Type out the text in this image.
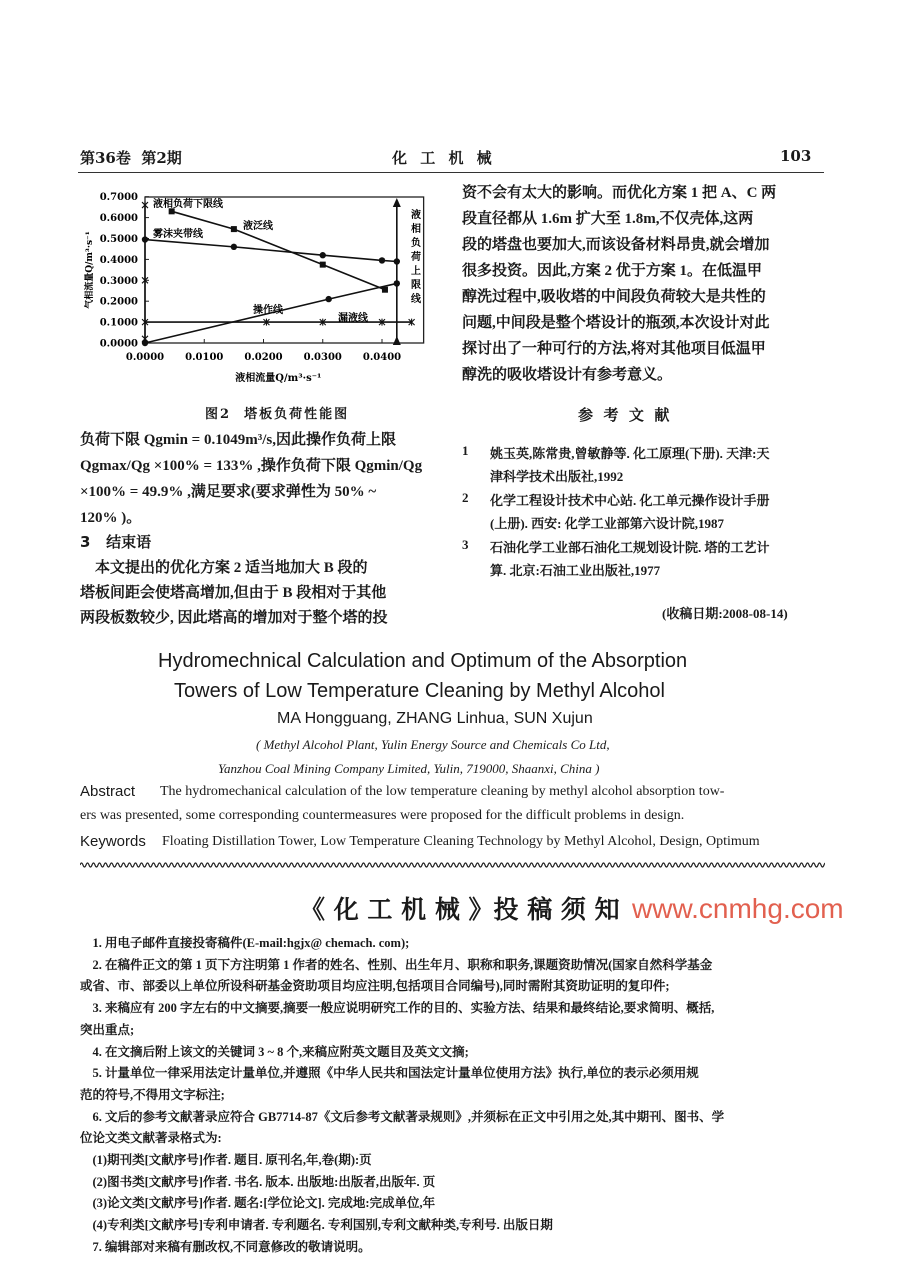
第36卷  第2期	化 工 机 械	103
0.0000
0.1000
0.2000
0.3000
0.4000
0.5000
0.6000
0.7000
0.0000 0.0100 0.0200 0.0300 0.0400
液相流量Q/m³·s⁻¹
气相流量Q/m³·s⁻¹
液相负荷下限线
液泛线
雾沫夹带线
操作线
漏液线
液
相
负
荷
上
限
线
图2  塔板负荷性能图
负荷下限 Qgmin = 0.1049m³/s,因此操作负荷上限
Qgmax/Qg ×100% = 133% ,操作负荷下限 Qgmin/Qg
×100% = 49.9% ,满足要求(要求弹性为 50% ~
120% )。
3   结束语
本文提出的优化方案 2 适当地加大 B 段的
塔板间距会使塔高增加,但由于 B 段相对于其他
两段板数较少, 因此塔高的增加对于整个塔的投
资不会有太大的影响。而优化方案 1 把 A、C 两
段直径都从 1.6m 扩大至 1.8m,不仅壳体,这两
段的塔盘也要加大,而该设备材料昂贵,就会增加
很多投资。因此,方案 2 优于方案 1。在低温甲
醇洗过程中,吸收塔的中间段负荷较大是共性的
问题,中间段是整个塔设计的瓶颈,本次设计对此
探讨出了一种可行的方法,将对其他项目低温甲
醇洗的吸收塔设计有参考意义。
参  考  文  献
1 姚玉英,陈常贵,曾敏静等. 化工原理(下册). 天津:天
津科学技术出版社,1992
2 化学工程设计技术中心站. 化工单元操作设计手册
(上册). 西安: 化学工业部第六设计院,1987
3 石油化学工业部石油化工规划设计院. 塔的工艺计
算. 北京:石油工业出版社,1977
(收稿日期:2008-08-14)
Hydromechnical Calculation and Optimum of the Absorption
Towers of Low Temperature Cleaning by Methyl Alcohol
MA Hongguang, ZHANG Linhua, SUN Xujun
( Methyl Alcohol Plant, Yulin Energy Source and Chemicals Co Ltd,
Yanzhou Coal Mining Company Limited, Yulin, 719000, Shaanxi, China )
Abstract The hydromechanical calculation of the low temperature cleaning by methyl alcohol absorption tow-
ers was presented, some corresponding countermeasures were proposed for the difficult problems in design.
Keywords Floating Distillation Tower, Low Temperature Cleaning Technology by Methyl Alcohol, Design, Optimum
《 化 工 机 械 》投 稿 须 知 www.cnmhg.com
1. 用电子邮件直接投寄稿件(E-mail:hgjx@ chemach. com);
2. 在稿件正文的第 1 页下方注明第 1 作者的姓名、性别、出生年月、职称和职务,课题资助情况(国家自然科学基金
或省、市、部委以上单位所设科研基金资助项目均应注明,包括项目合同编号),同时需附其资助证明的复印件;
3. 来稿应有 200 字左右的中文摘要,摘要一般应说明研究工作的目的、实验方法、结果和最终结论,要求简明、概括,
突出重点;
4. 在文摘后附上该文的关键词 3 ~ 8 个,来稿应附英文题目及英文文摘;
5. 计量单位一律采用法定计量单位,并遵照《中华人民共和国法定计量单位使用方法》执行,单位的表示必须用规
范的符号,不得用文字标注;
6. 文后的参考文献著录应符合 GB7714-87《文后参考文献著录规则》,并须标在正文中引用之处,其中期刊、图书、学
位论文类文献著录格式为:
(1)期刊类[文献序号]作者. 题目. 原刊名,年,卷(期):页
(2)图书类[文献序号]作者. 书名. 版本. 出版地:出版者,出版年. 页
(3)论文类[文献序号]作者. 题名:[学位论文]. 完成地:完成单位,年
(4)专利类[文献序号]专利申请者. 专利题名. 专利国别,专利文献种类,专利号. 出版日期
7. 编辑部对来稿有删改权,不同意修改的敬请说明。
